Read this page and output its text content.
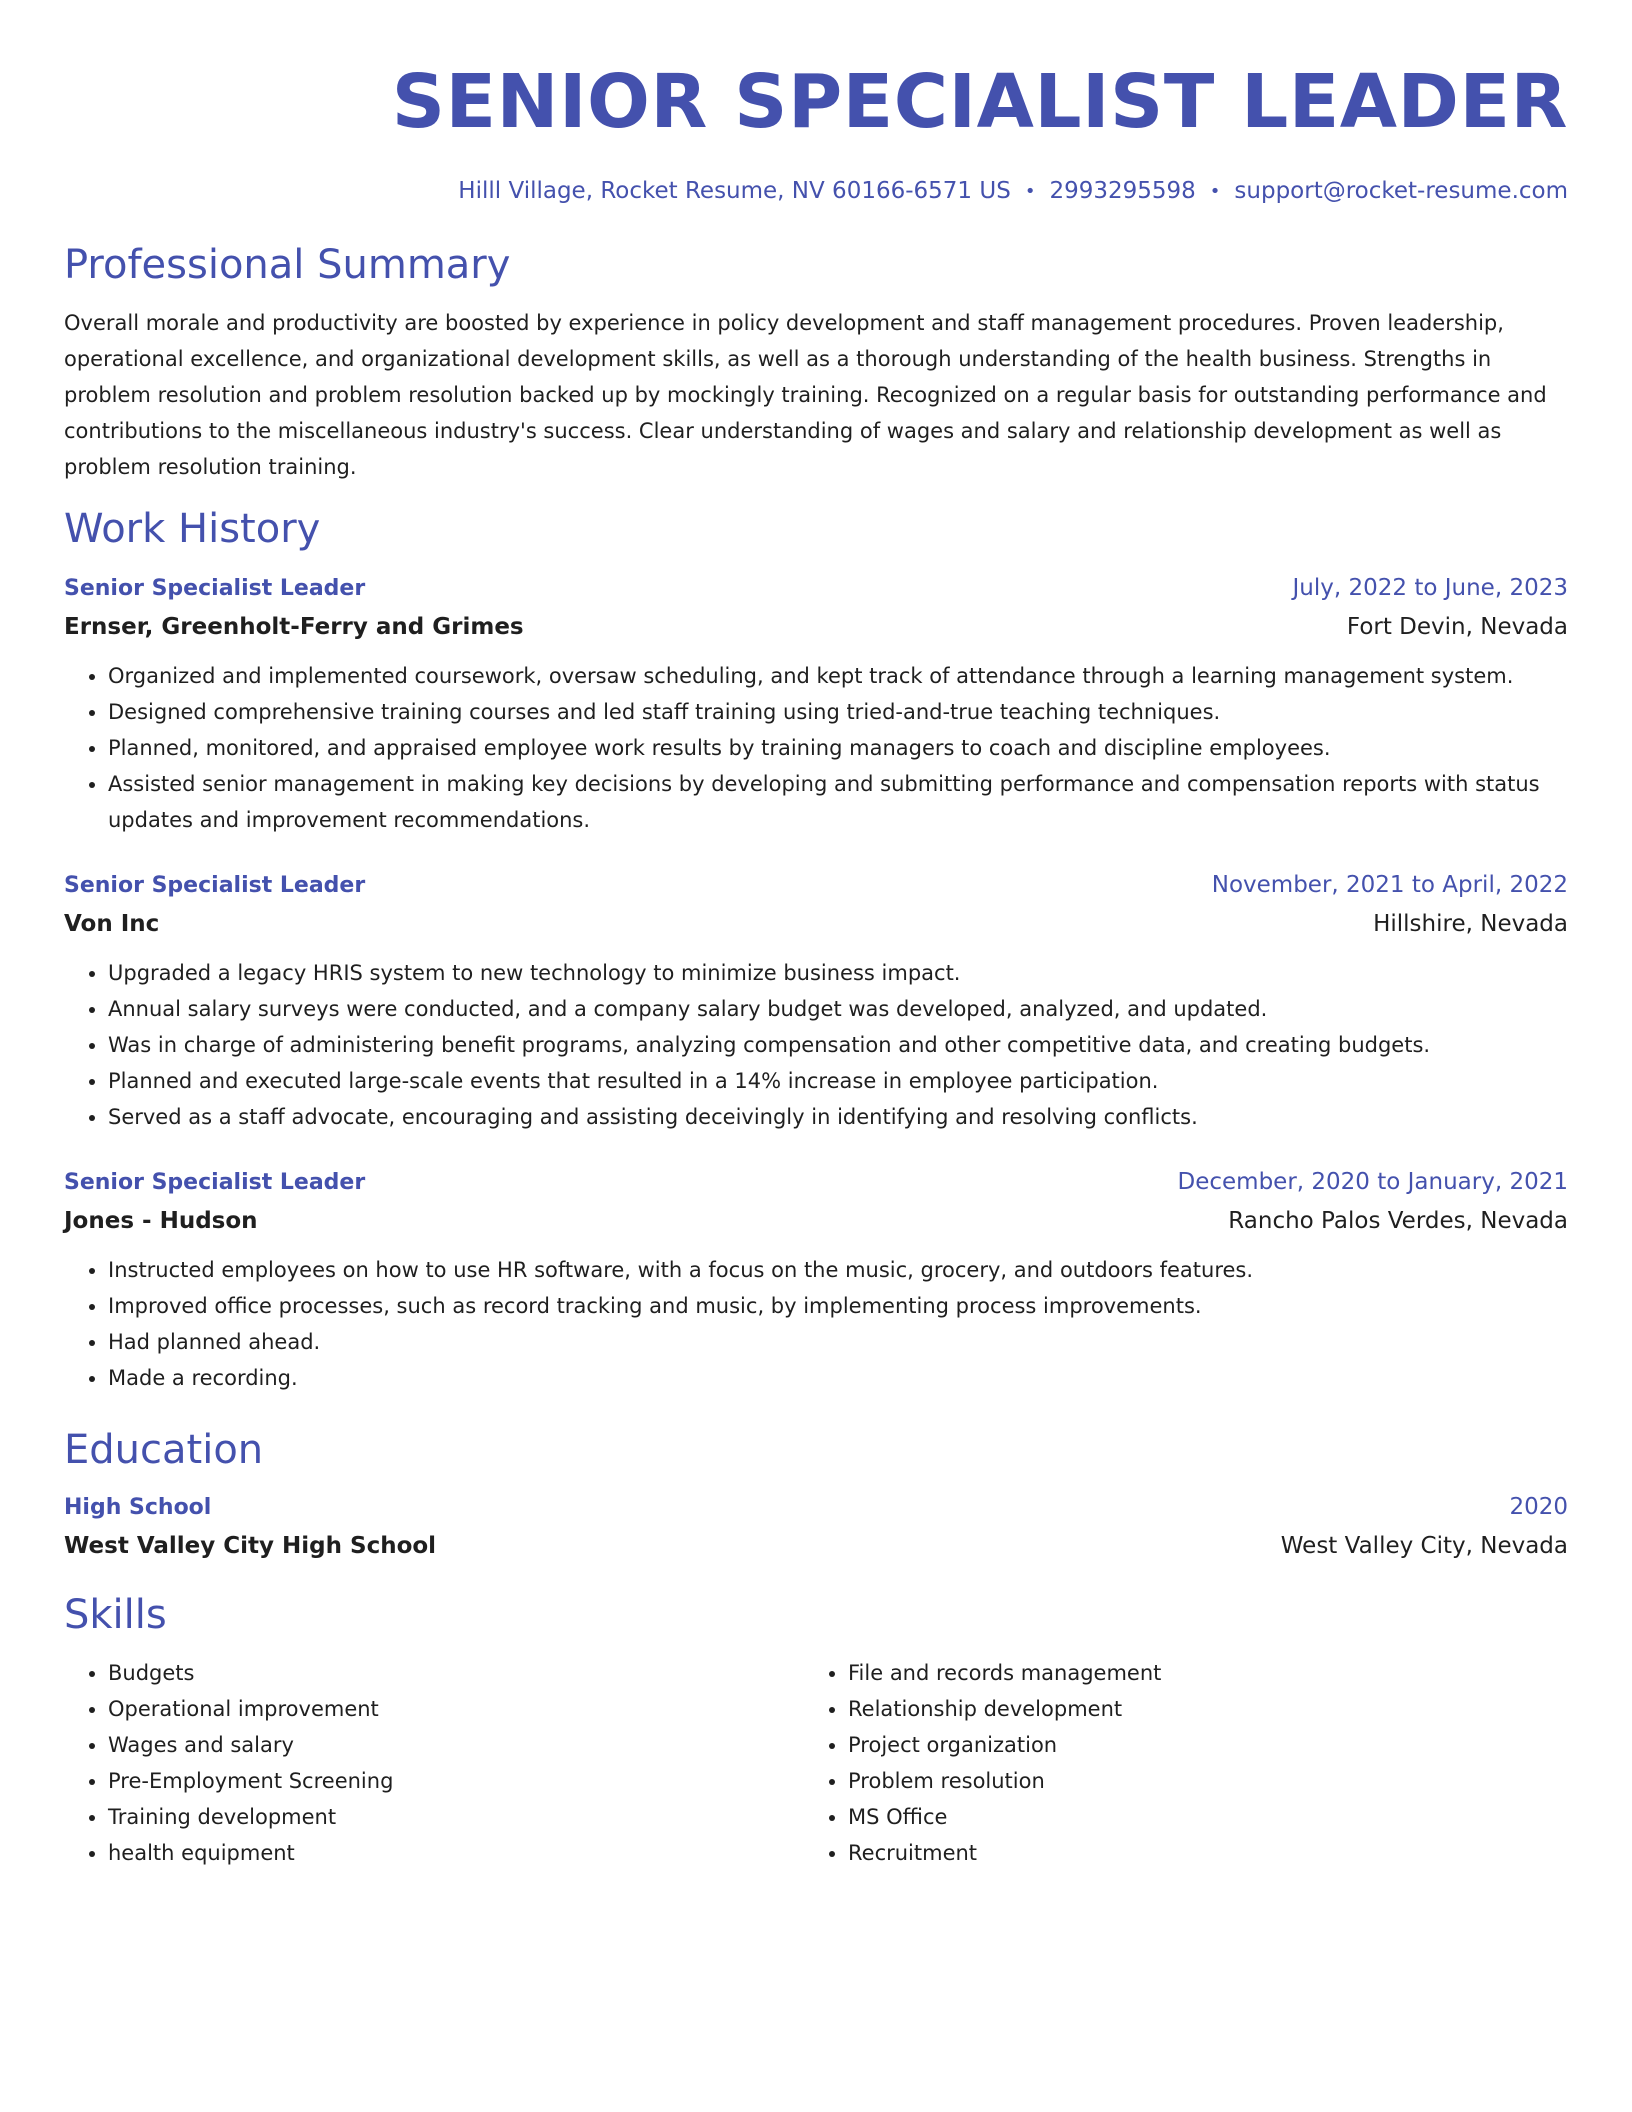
SENIOR SPECIALIST LEADER
Hilll Village, Rocket Resume, NV 60166-6571 US • 2993295598 • support@rocket-resume.com
Professional Summary
Overall morale and productivity are boosted by experience in policy development and staff management procedures. Proven leadership, operational excellence, and organizational development skills, as well as a thorough understanding of the health business. Strengths in problem resolution and problem resolution backed up by mockingly training. Recognized on a regular basis for outstanding performance and contributions to the miscellaneous industry's success. Clear understanding of wages and salary and relationship development as well as problem resolution training.
Work History
Senior Specialist Leader	July, 2022 to June, 2023
Ernser, Greenholt-Ferry and Grimes	Fort Devin, Nevada
• Organized and implemented coursework, oversaw scheduling, and kept track of attendance through a learning management system.
• Designed comprehensive training courses and led staff training using tried-and-true teaching techniques.
• Planned, monitored, and appraised employee work results by training managers to coach and discipline employees.
• Assisted senior management in making key decisions by developing and submitting performance and compensation reports with status updates and improvement recommendations.
Senior Specialist Leader	November, 2021 to April, 2022
Von Inc	Hillshire, Nevada
• Upgraded a legacy HRIS system to new technology to minimize business impact.
• Annual salary surveys were conducted, and a company salary budget was developed, analyzed, and updated.
• Was in charge of administering benefit programs, analyzing compensation and other competitive data, and creating budgets.
• Planned and executed large-scale events that resulted in a 14% increase in employee participation.
• Served as a staff advocate, encouraging and assisting deceivingly in identifying and resolving conflicts.
Senior Specialist Leader	December, 2020 to January, 2021
Jones - Hudson	Rancho Palos Verdes, Nevada
• Instructed employees on how to use HR software, with a focus on the music, grocery, and outdoors features.
• Improved office processes, such as record tracking and music, by implementing process improvements.
• Had planned ahead.
• Made a recording.
Education
High School	2020
West Valley City High School	West Valley City, Nevada
Skills
• Budgets
• Operational improvement
• Wages and salary
• Pre-Employment Screening
• Training development
• health equipment
• File and records management
• Relationship development
• Project organization
• Problem resolution
• MS Office
• Recruitment
